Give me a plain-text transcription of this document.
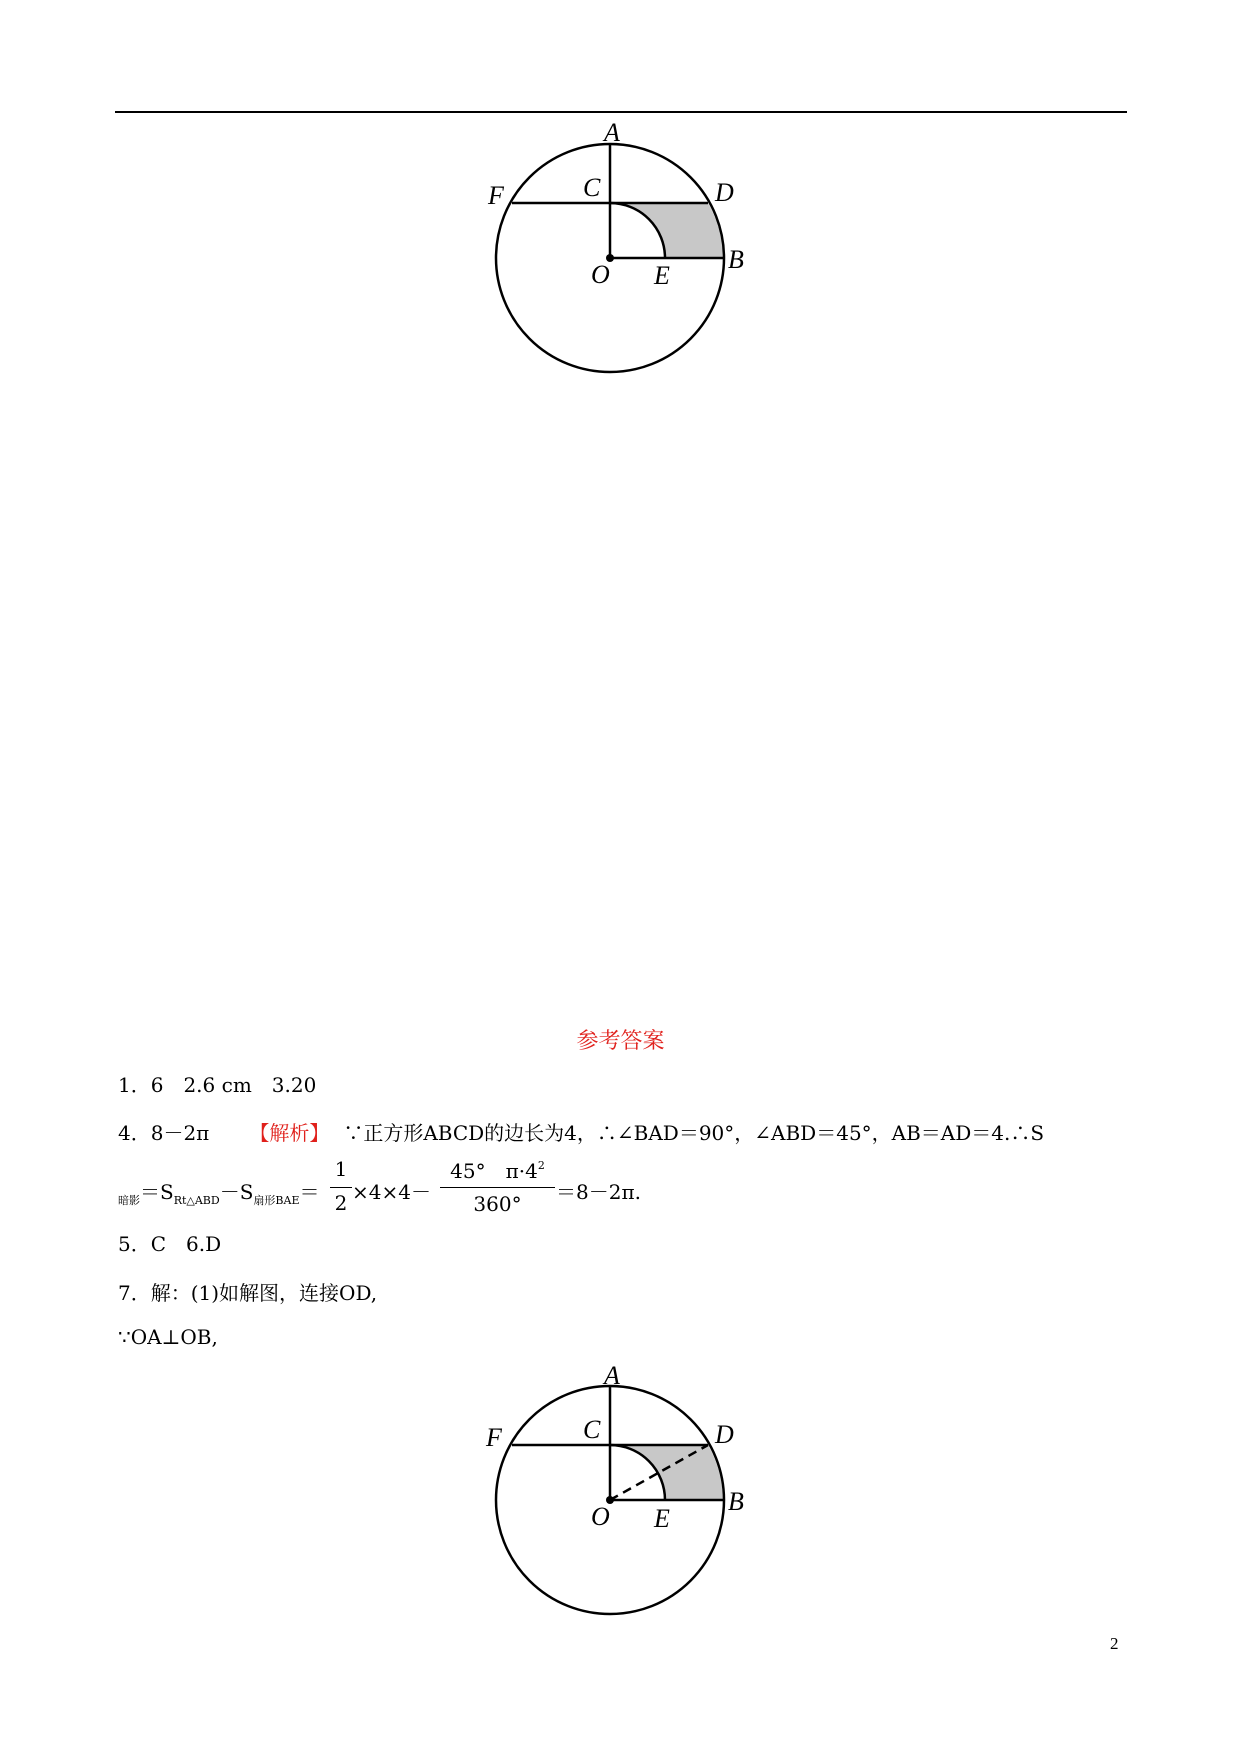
A
C
F	D
B
O E
参考答案
1．6　2.6 cm　3.20
4．8－2π 【解析】 ∵正方形ABCD的边长为4，∴∠BAD＝90°，∠ABD＝45°，AB＝AD＝4.∴S
$_{暗影}=S_{Rt\triangle ABD}-S_{扇形BAE}=$
1
2 ×4×4－
45°　$\pi\cdot 4^2$
360°	＝8－2π.
5．C　6.D
7．解：(1)如解图，连接OD,
∵OA⊥OB,
A
C
F	D
B
O E
2
